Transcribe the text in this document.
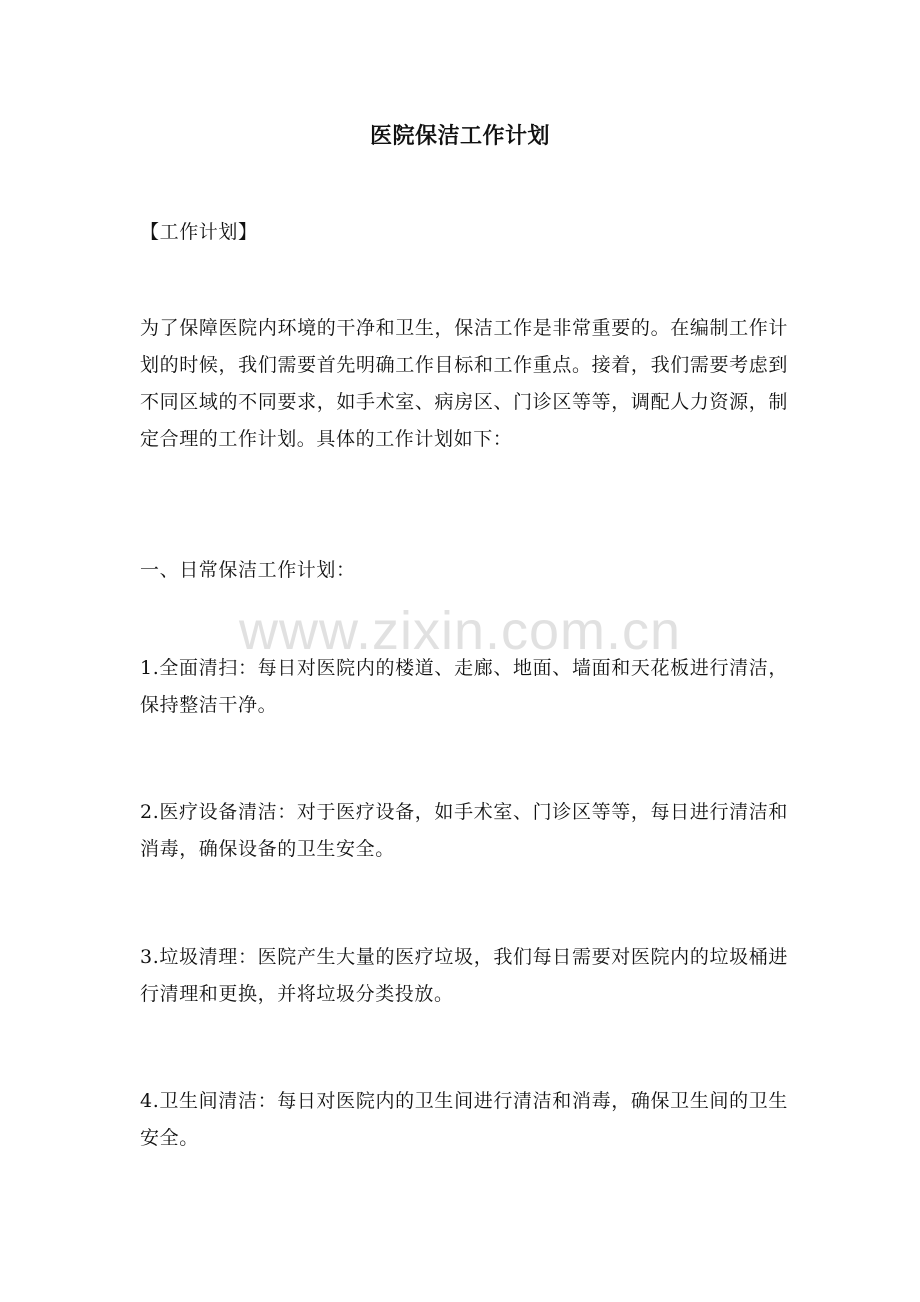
医院保洁工作计划
【工作计划】
为了保障医院内环境的干净和卫生，保洁工作是非常重要的。在编制工作计划的时候，我们需要首先明确工作目标和工作重点。接着，我们需要考虑到不同区域的不同要求，如手术室、病房区、门诊区等等，调配人力资源，制定合理的工作计划。具体的工作计划如下：
一、日常保洁工作计划：
1.全面清扫：每日对医院内的楼道、走廊、地面、墙面和天花板进行清洁，保持整洁干净。
2.医疗设备清洁：对于医疗设备，如手术室、门诊区等等，每日进行清洁和消毒，确保设备的卫生安全。
3.垃圾清理：医院产生大量的医疗垃圾，我们每日需要对医院内的垃圾桶进行清理和更换，并将垃圾分类投放。
4.卫生间清洁：每日对医院内的卫生间进行清洁和消毒，确保卫生间的卫生安全。
www.zixin.com.cn
